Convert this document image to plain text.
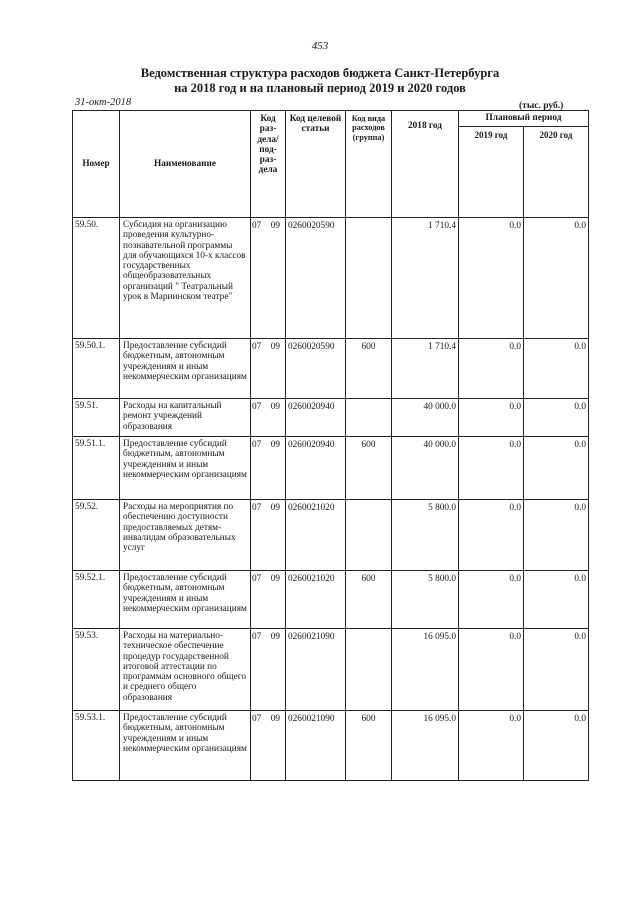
453
Ведомственная структура расходов бюджета Санкт-Петербурга
на 2018 год и на плановый период 2019 и 2020 годов
31-окт-2018	(тыс. руб.)
Номер	Наименование	Код раз- дела/ под- раз- дела	Код целевой статьи	Код вида расходов (группа)	2018 год	Плановый период	
						2019 год	2020 год
59.50.	Субсидия на организацию проведения культурно-познавательной программы для обучающихся 10-х классов государственных общеобразовательных организаций " Театральный урок в Мариинском театре"	07 09	0260020590		1 710.4	0.0	0.0
59.50.1.	Предоставление субсидий бюджетным, автономным учреждениям и иным некоммерческим организациям	07 09	0260020590	600	1 710.4	0.0	0.0
59.51.	Расходы на капитальный ремонт учреждений образования	07 09	0260020940		40 000.0	0.0	0.0
59.51.1.	Предоставление субсидий бюджетным, автономным учреждениям и иным некоммерческим организациям	07 09	0260020940	600	40 000.0	0.0	0.0
59.52.	Расходы на мероприятия по обеспечению доступности предоставляемых детям-инвалидам образовательных услуг	07 09	0260021020		5 800.0	0.0	0.0
59.52.1.	Предоставление субсидий бюджетным, автономным учреждениям и иным некоммерческим организациям	07 09	0260021020	600	5 800.0	0.0	0.0
59.53.	Расходы на материально-техническое обеспечение процедур государственной итоговой аттестации по программам основного общего и среднего общего образования	07 09	0260021090		16 095.0	0.0	0.0
59.53.1.	Предоставление субсидий бюджетным, автономным учреждениям и иным некоммерческим организациям	07 09	0260021090	600	16 095.0	0.0	0.0
